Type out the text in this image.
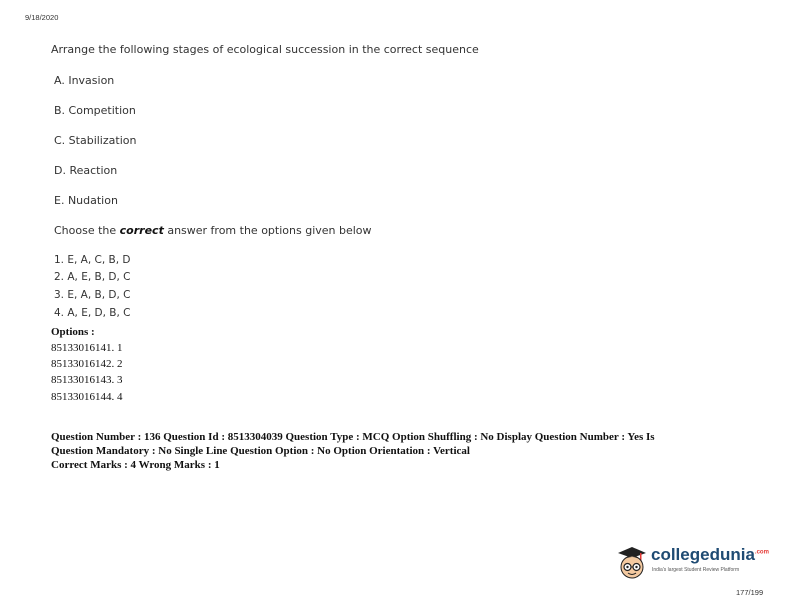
9/18/2020
Arrange the following stages of ecological succession in the correct sequence
A. Invasion
B. Competition
C. Stabilization
D. Reaction
E. Nudation
Choose the correct answer from the options given below
1. E, A, C, B, D
2. A, E, B, D, C
3. E, A, B, D, C
4. A, E, D, B, C
Options :
85133016141. 1
85133016142. 2
85133016143. 3
85133016144. 4
Question Number : 136 Question Id : 8513304039 Question Type : MCQ Option Shuffling : No Display Question Number : Yes Is
Question Mandatory : No Single Line Question Option : No Option Orientation : Vertical
Correct Marks : 4 Wrong Marks : 1
collegedunia$^{.com}$
India's largest Student Review Platform
177/199
